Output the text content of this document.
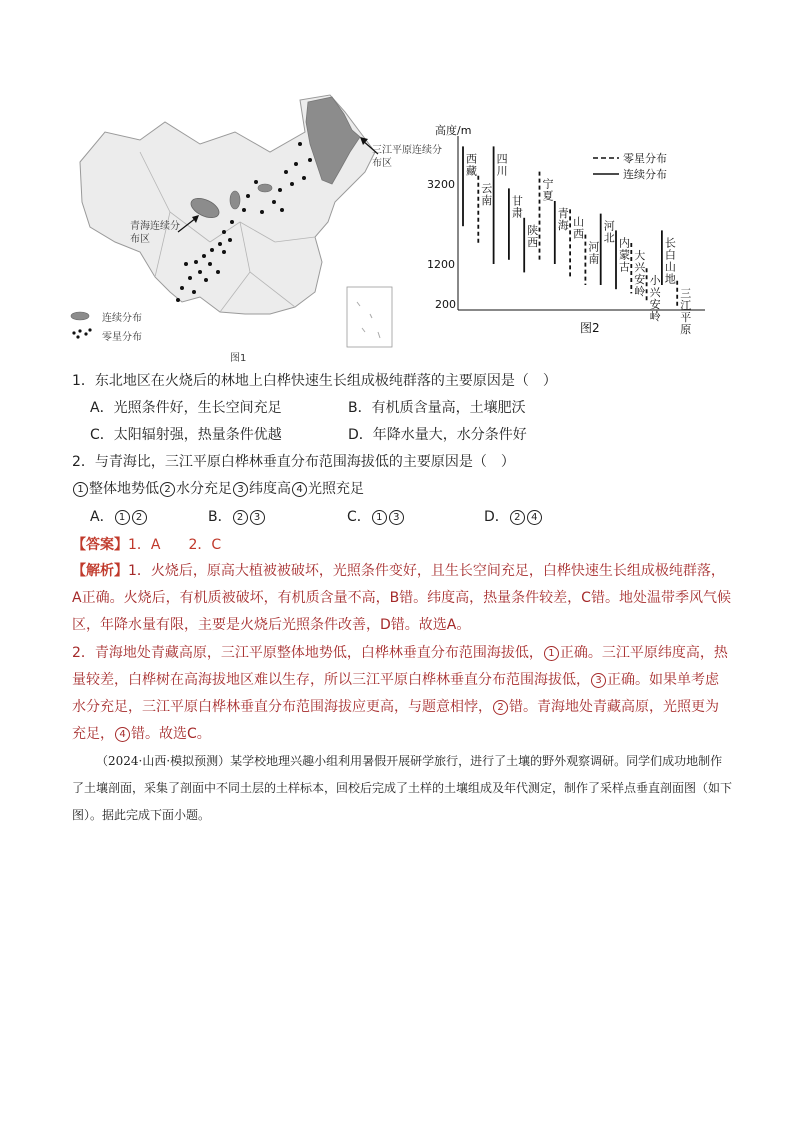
三江平原连续分布区
青海连续分布区
连续分布
零星分布
图1
高度/m
3200
1200
200
零星分布
连续分布
西
藏
云
南
四
川
甘
肃
陕
西
宁
夏
青
海 山
西
河
南
河
北 内
蒙
古
大
兴
安
岭
小
兴
安
岭
长
白
山
地
三
江
平
原
图2
1．东北地区在火烧后的林地上白桦快速生长组成极纯群落的主要原因是（　）
A．光照条件好，生长空间充足	B．有机质含量高，土壤肥沃
C．太阳辐射强，热量条件优越	D．年降水量大，水分条件好
2．与青海比，三江平原白桦林垂直分布范围海拔低的主要原因是（　）
1 整体地势低 2 水分充足 3 纬度高 4 光照充足
A． 1 2	B． 2 3	C． 1 3	D． 2 4
【答案】1．A　　2．C
【解析】1．火烧后，原高大植被被破坏，光照条件变好，且生长空间充足，白桦快速生长组成极纯群落，A正确。火烧后，有机质被破坏，有机质含量不高，B错。纬度高，热量条件较差，C错。地处温带季风气候区，年降水量有限，主要是火烧后光照条件改善，D错。故选A。
2．青海地处青藏高原，三江平原整体地势低，白桦林垂直分布范围海拔低， 1 正确。三江平原纬度高，热量较差，白桦树在高海拔地区难以生存，所以三江平原白桦林垂直分布范围海拔低， 3 正确。如果单考虑水分充足，三江平原白桦林垂直分布范围海拔应更高，与题意相悖， 2 错。青海地处青藏高原，光照更为充足， 4 错。故选C。
（2024·山西·模拟预测）某学校地理兴趣小组利用暑假开展研学旅行，进行了土壤的野外观察调研。同学们成功地制作了土壤剖面，采集了剖面中不同土层的土样标本，回校后完成了土样的土壤组成及年代测定，制作了采样点垂直剖面图（如下图）。据此完成下面小题。
